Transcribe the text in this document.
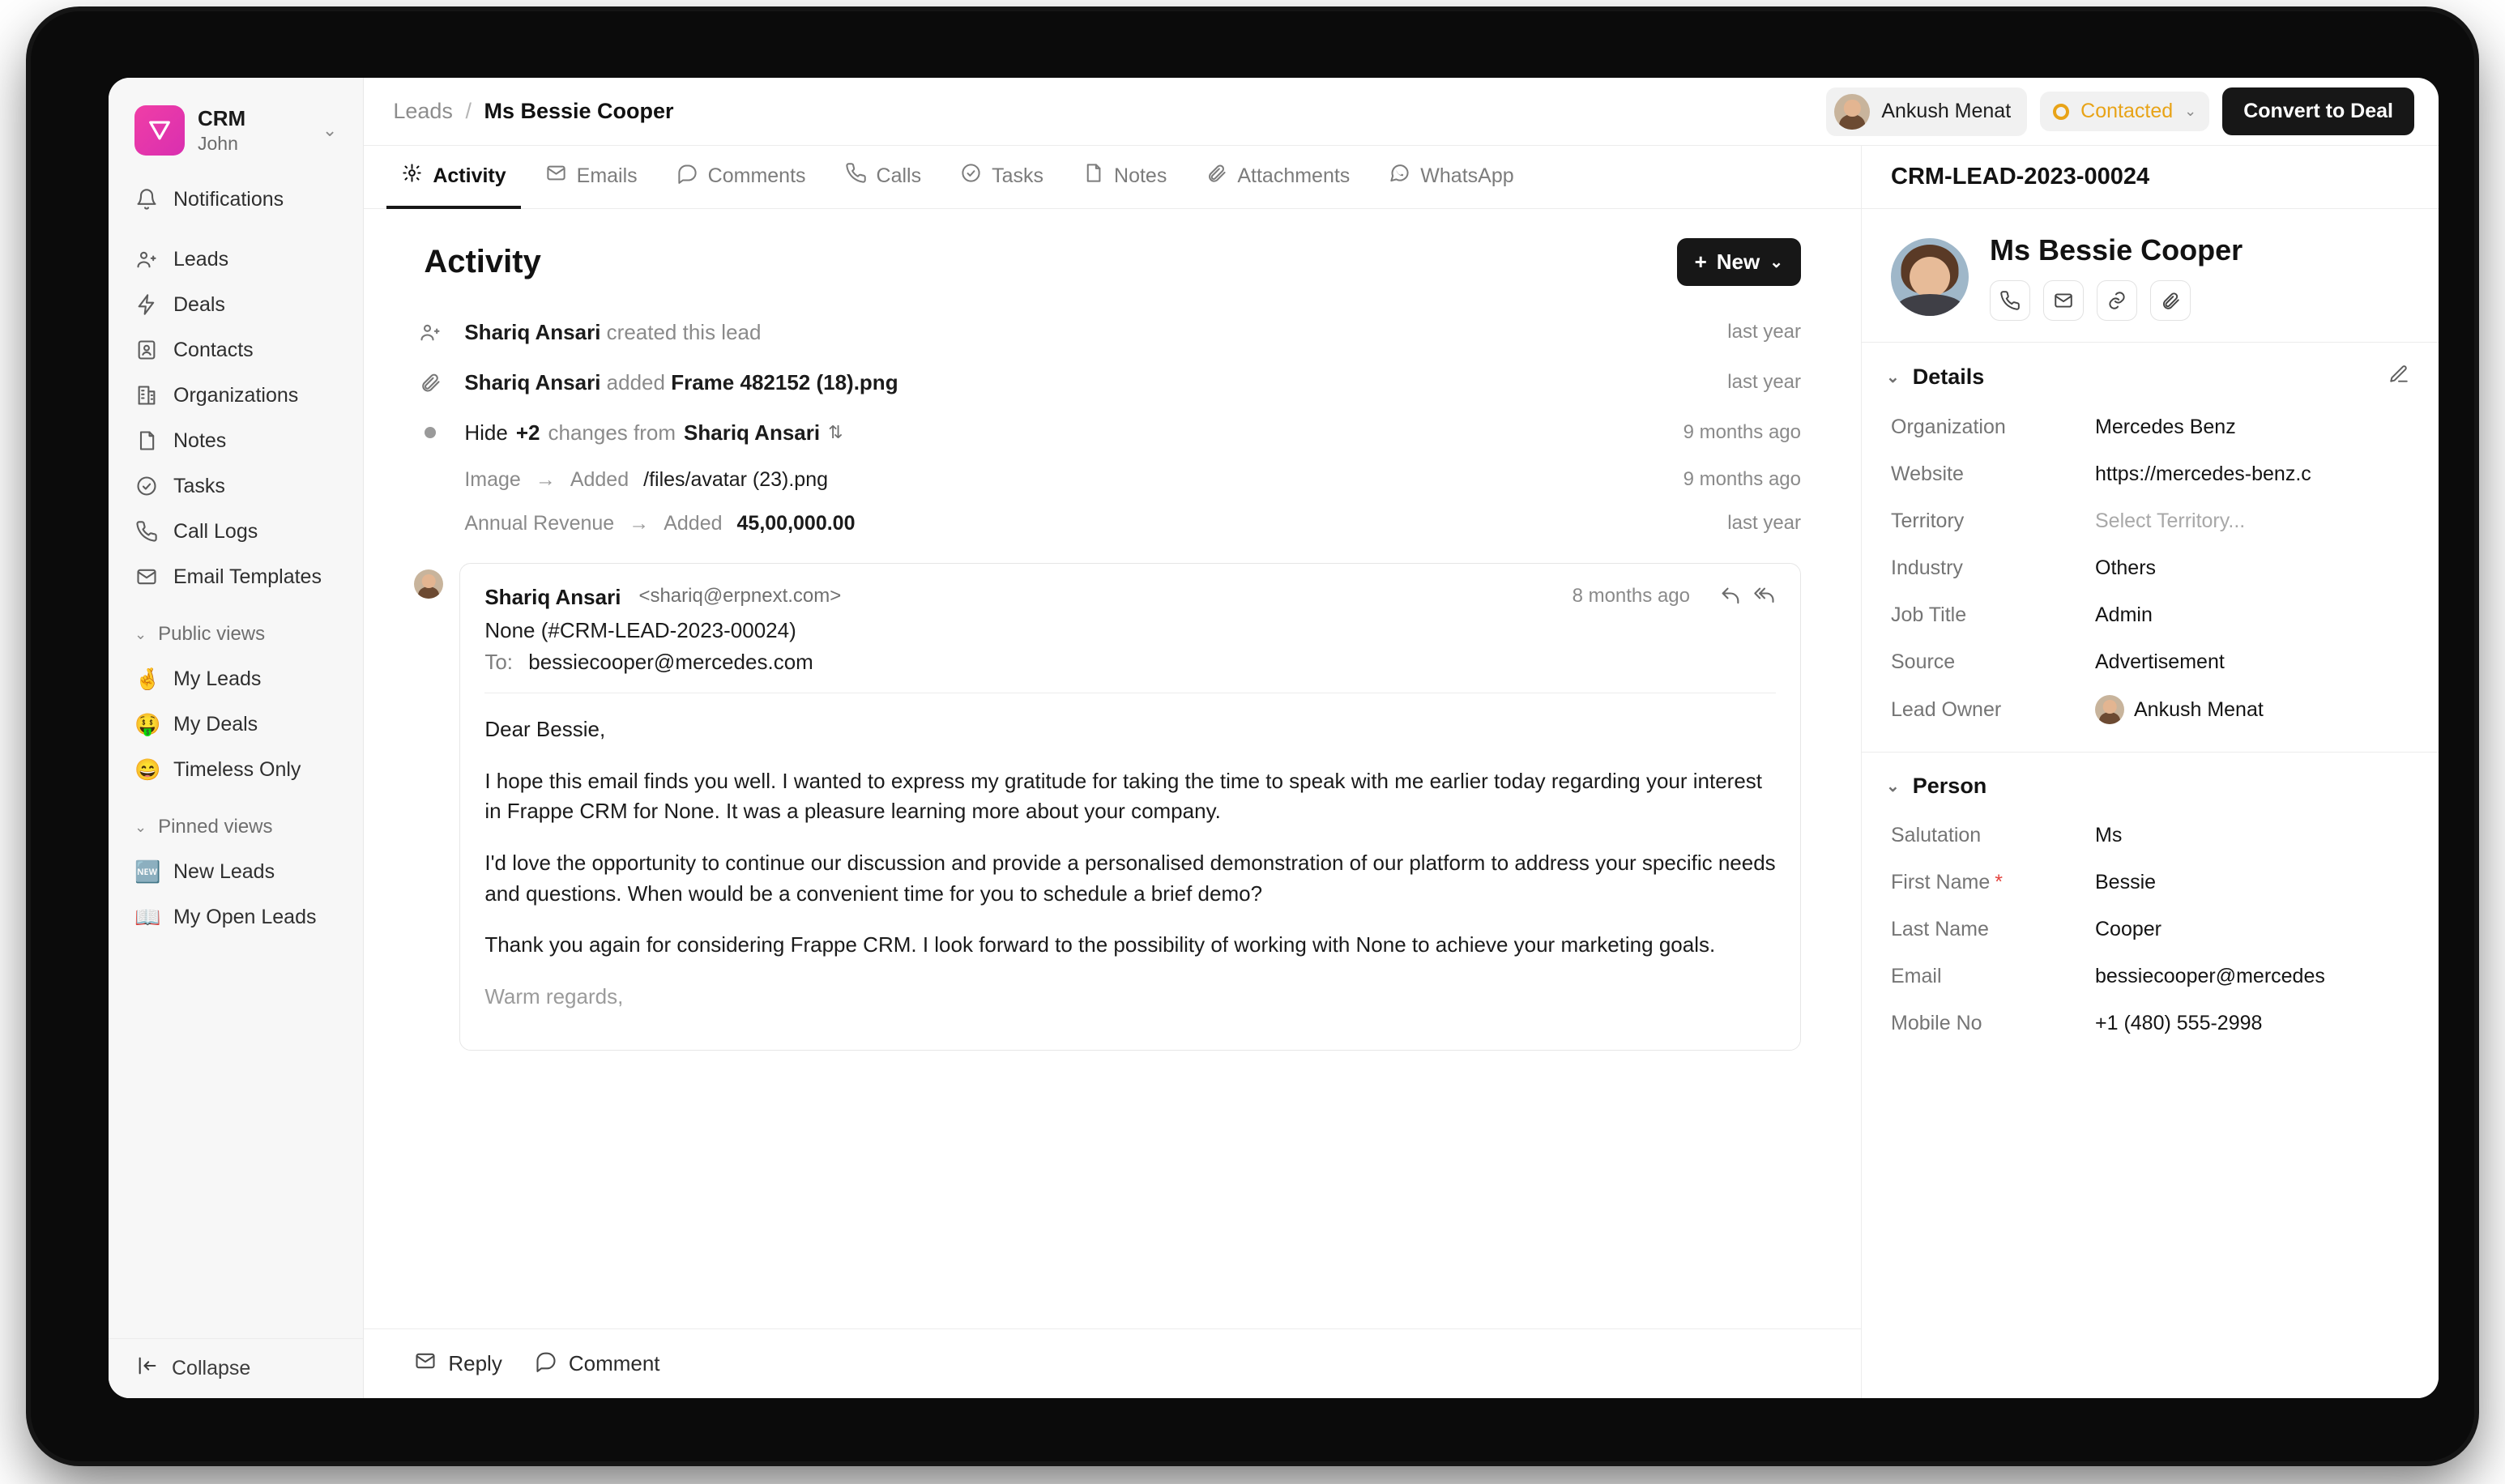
CRM
John
⌄
Notifications
Leads
Deals
Contacts
Organizations
Notes
Tasks
Call Logs
Email Templates
⌄ Public views
🤞 My Leads
🤑 My Deals
😄 Timeless Only
⌄ Pinned views
🆕 New Leads
📖 My Open Leads
Collapse
Leads / Ms Bessie Cooper	Ankush Menat	Contacted ⌄	Convert to Deal
Activity	Emails	Comments	Calls	Tasks	Notes	Attachments	WhatsApp
Activity	+ New ⌄
Shariq Ansari created this lead	last year
Shariq Ansari added Frame 482152 (18).png	last year
Hide +2 changes from Shariq Ansari ⇅	9 months ago
Image → Added /files/avatar (23).png	9 months ago
Annual Revenue → Added 45,00,000.00	last year
Shariq Ansari <shariq@erpnext.com>	8 months ago
None (#CRM-LEAD-2023-00024)
To: bessiecooper@mercedes.com

Dear Bessie,

I hope this email finds you well. I wanted to express my gratitude for taking the time to speak with me earlier today regarding your interest in Frappe CRM for None. It was a pleasure learning more about your company.

I'd love the opportunity to continue our discussion and provide a personalised demonstration of our platform to address your specific needs and questions. When would be a convenient time for you to schedule a brief demo?

Thank you again for considering Frappe CRM. I look forward to the possibility of working with None to achieve your marketing goals.

Warm regards,

Reply	Comment
CRM-LEAD-2023-00024
Ms Bessie Cooper
⌄ Details
Organization	Mercedes Benz
Website	https://mercedes-benz.c
Territory	Select Territory...
Industry	Others
Job Title	Admin
Source	Advertisement
Lead Owner	Ankush Menat
⌄ Person
Salutation	Ms
First Name *	Bessie
Last Name	Cooper
Email	bessiecooper@mercedes
Mobile No	+1 (480) 555-2998
